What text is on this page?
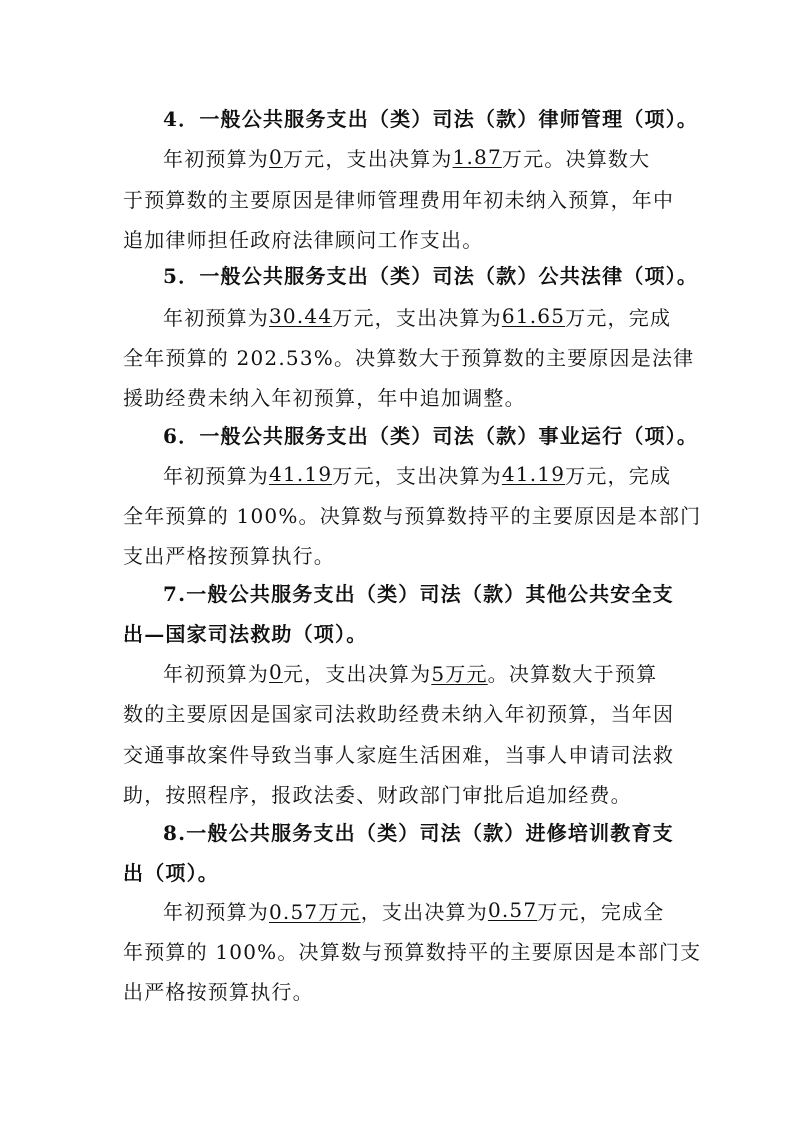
4．一般公共服务支出（类）司法（款）律师管理（项）。
年初预算为 0 万元，支出决算为 1.87 万元。决算数大
于预算数的主要原因是律师管理费用年初未纳入预算，年中
追加律师担任政府法律顾问工作支出。
5．一般公共服务支出（类）司法（款）公共法律（项）。
年初预算为 30.44 万元，支出决算为 61.65 万元，完成
全年预算的 202.53%。决算数大于预算数的主要原因是法律
援助经费未纳入年初预算，年中追加调整。
6．一般公共服务支出（类）司法（款）事业运行（项）。
年初预算为 41.19 万元，支出决算为 41.19 万元，完成
全年预算的 100%。决算数与预算数持平的主要原因是本部门
支出严格按预算执行。
7.一般公共服务支出（类）司法（款）其他公共安全支
出—国家司法救助（项）。
年初预算为 0 元，支出决算为 5万元 。决算数大于预算
数的主要原因是国家司法救助经费未纳入年初预算，当年因
交通事故案件导致当事人家庭生活困难，当事人申请司法救
助，按照程序，报政法委、财政部门审批后追加经费。
8.一般公共服务支出（类）司法（款）进修培训教育支
出（项）。
年初预算为 0.57万元 ，支出决算为 0.57 万元，完成全
年预算的 100%。决算数与预算数持平的主要原因是本部门支
出严格按预算执行。
